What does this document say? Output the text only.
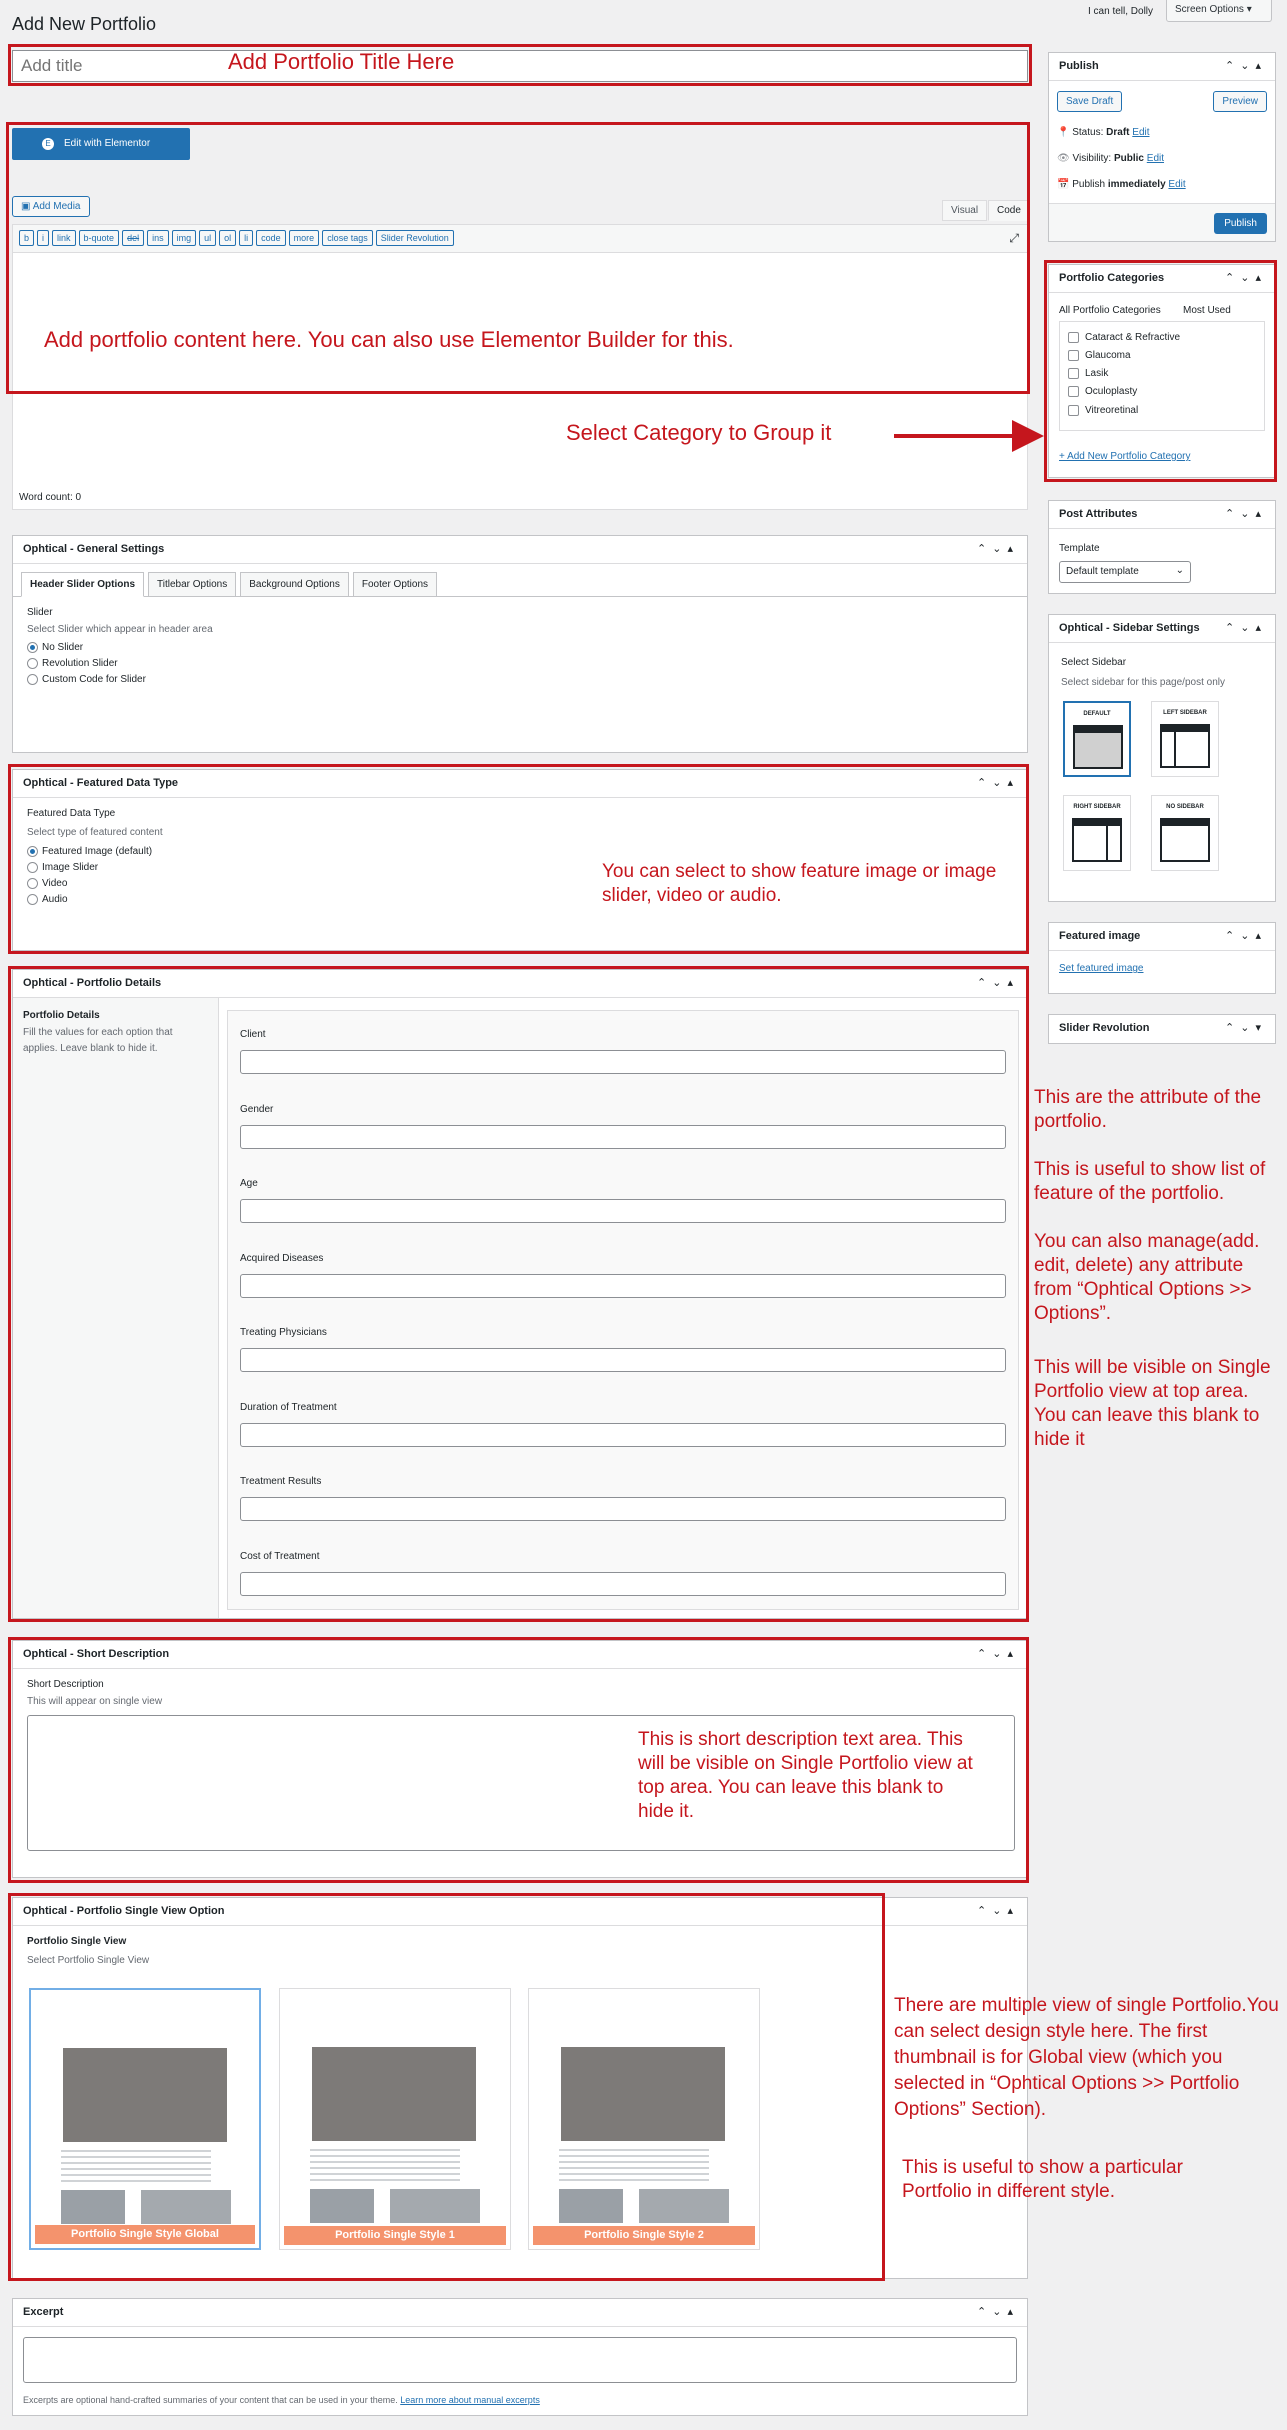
Add New Portfolio
I can tell, Dolly	Screen Options ▾
Add title
E	Edit with Elementor
▣ Add Media	Visual	Code
b i link b-quote del ins img ul ol li code more close tags Slider Revolution	⤢
Word count: 0
Ophtical - General Settings	⌃⌄▴
Header Slider Options Titlebar Options Background Options Footer Options
Slider
Select Slider which appear in header area
No Slider
Revolution Slider
Custom Code for Slider
Ophtical - Featured Data Type	⌃⌄▴
Featured Data Type
Select type of featured content
Featured Image (default)
Image Slider
Video
Audio
Ophtical - Portfolio Details	⌃⌄▴
Portfolio Details
Fill the values for each option that applies. Leave blank to hide it.
Client
Gender
Age
Acquired Diseases
Treating Physicians
Duration of Treatment
Treatment Results
Cost of Treatment
Ophtical - Short Description	⌃⌄▴
Short Description
This will appear on single view
Ophtical - Portfolio Single View Option	⌃⌄▴
Portfolio Single View
Select Portfolio Single View
Portfolio Single Style Global	Portfolio Single Style 1	Portfolio Single Style 2
Excerpt	⌃⌄▴
Excerpts are optional hand-crafted summaries of your content that can be used in your theme. Learn more about manual excerpts
Publish	⌃⌄▴
Save Draft	Preview
📍 Status: Draft Edit
👁 Visibility: Public Edit
📅 Publish immediately Edit
Publish
Portfolio Categories	⌃⌄▴
All Portfolio Categories Most Used
Cataract & Refractive
Glaucoma
Lasik
Oculoplasty
Vitreoretinal
+ Add New Portfolio Category
Post Attributes	⌃⌄▴
Template
Default template	⌄
Ophtical - Sidebar Settings ⌃⌄▴
Select Sidebar
Select sidebar for this page/post only
DEFAULT	LEFT SIDEBAR
RIGHT SIDEBAR	NO SIDEBAR
Featured image	⌃⌄▴
Set featured image
Slider Revolution	⌃⌄▾
Add Portfolio Title Here
Add portfolio content here. You can also use Elementor Builder for this.
Select Category to Group it
You can select to show feature image or image slider, video or audio.
This are the attribute of the portfolio.
This is useful to show list of feature of the portfolio.
You can also manage(add. edit, delete) any attribute from “Ophtical Options >> Options”.
This will be visible on Single Portfolio view at top area. You can leave this blank to hide it
This is short description text area. This will be visible on Single Portfolio view at top area. You can leave this blank to hide it.
There are multiple view of single Portfolio.You can select design style here. The first thumbnail is for Global view (which you selected in “Ophtical Options >> Portfolio Options” Section).
This is useful to show a particular Portfolio in different style.
